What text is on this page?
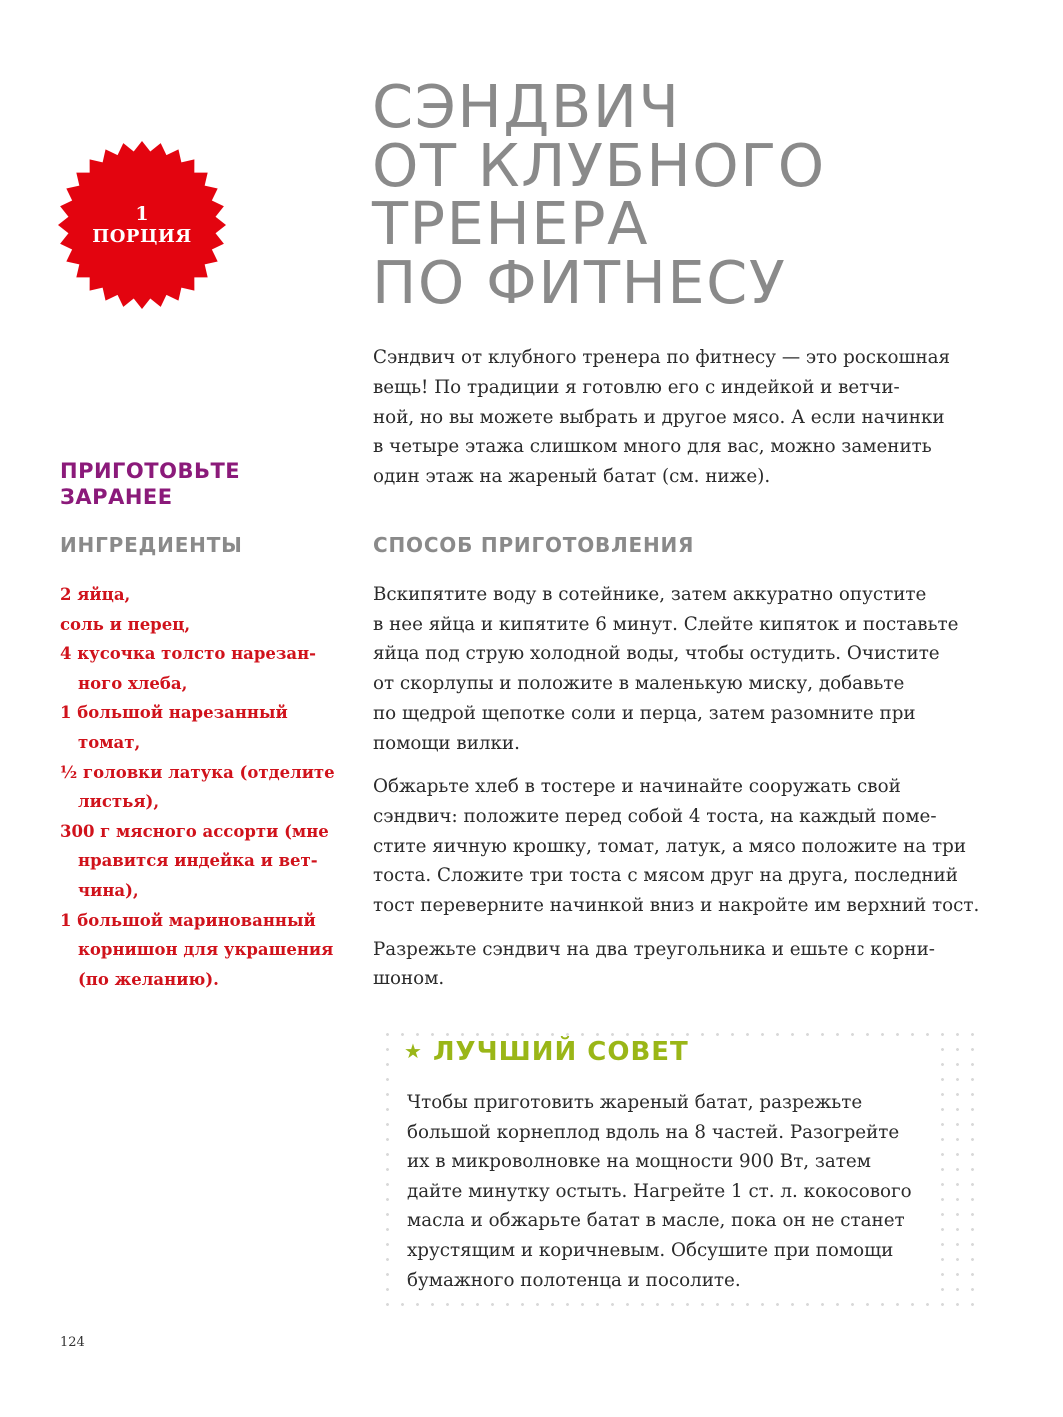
1
ПОРЦИЯ
СЭНДВИЧ
ОТ КЛУБНОГО
ТРЕНЕРА
ПО ФИТНЕСУ

Сэндвич от клубного тренера по фитнесу — это роскошная
вещь! По традиции я готовлю его с индейкой и ветчи-
ной, но вы можете выбрать и другое мясо. А если начинки
в четыре этажа слишком много для вас, можно заменить
один этаж на жареный батат (см. ниже).

ПРИГОТОВЬТЕ
ЗАРАНЕЕ
ИНГРЕДИЕНТЫ	СПОСОБ ПРИГОТОВЛЕНИЯ
2 яйца,
соль и перец,
4 кусочка толсто нарезан-
ного хлеба,
1 большой нарезанный
томат,
½ головки латука (отделите
листья),
300 г мясного ассорти (мне
нравится индейка и вет-
чина),
1 большой маринованный
корнишон для украшения
(по желанию).

Вскипятите воду в сотейнике, затем аккуратно опустите
в нее яйца и кипятите 6 минут. Слейте кипяток и поставьте
яйца под струю холодной воды, чтобы остудить. Очистите
от скорлупы и положите в маленькую миску, добавьте
по щедрой щепотке соли и перца, затем разомните при
помощи вилки.

Обжарьте хлеб в тостере и начинайте сооружать свой
сэндвич: положите перед собой 4 тоста, на каждый поме-
стите яичную крошку, томат, латук, а мясо положите на три
тоста. Сложите три тоста с мясом друг на друга, последний
тост переверните начинкой вниз и накройте им верхний тост.

Разрежьте сэндвич на два треугольника и ешьте с корни-
шоном.

★ ЛУЧШИЙ СОВЕТ

Чтобы приготовить жареный батат, разрежьте
большой корнеплод вдоль на 8 частей. Разогрейте
их в микроволновке на мощности 900 Вт, затем
дайте минутку остыть. Нагрейте 1 ст. л. кокосового
масла и обжарьте батат в масле, пока он не станет
хрустящим и коричневым. Обсушите при помощи
бумажного полотенца и посолите.

124
